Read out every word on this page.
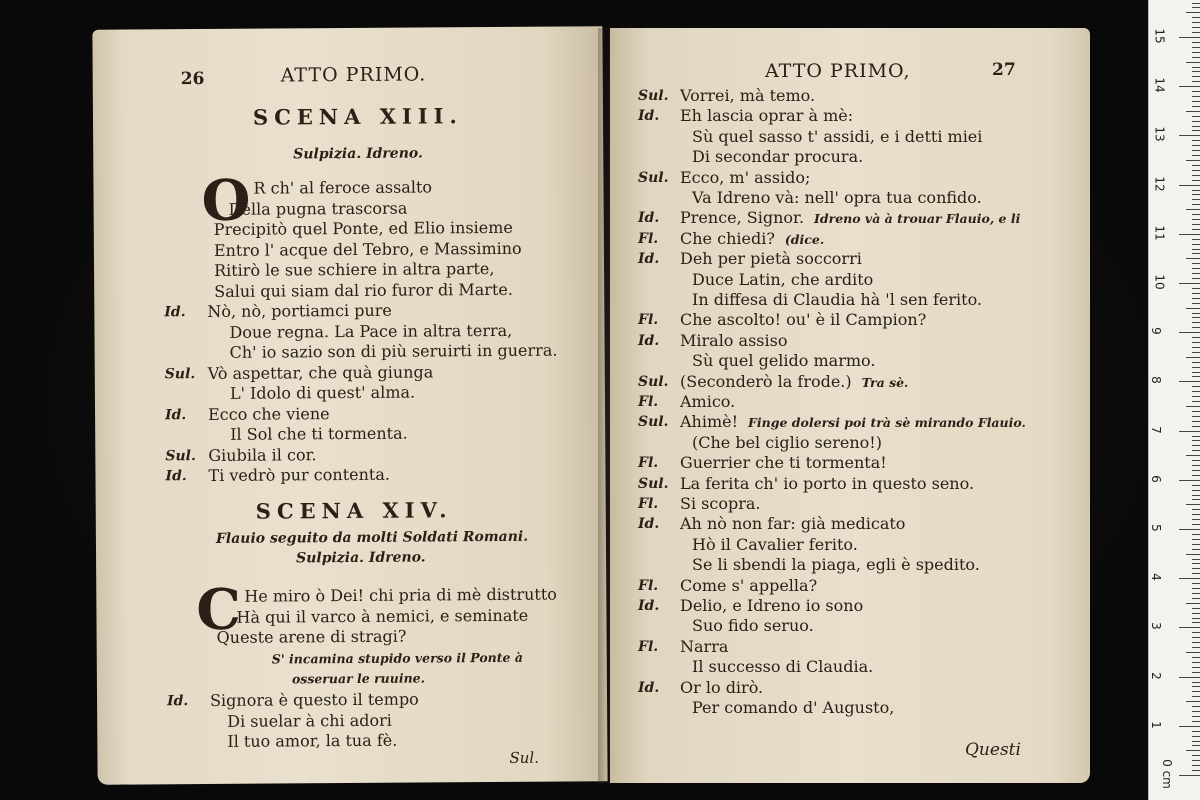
26	ATTO PRIMO.
SCENA XIII.
Sulpizia. Idreno.
O R ch' al feroce assalto
Della pugna trascorsa
Precipitò quel Ponte, ed Elio insieme
Entro l' acque del Tebro, e Massimino
Ritirò le sue schiere in altra parte,
Salui qui siam dal rio furor di Marte.
Id. Nò, nò, portiamci pure
Doue regna. La Pace in altra terra,
Ch' io sazio son di più seruirti in guerra.
Sul. Vò aspettar, che quà giunga
L' Idolo di quest' alma.
Id. Ecco che viene
Il Sol che ti tormenta.
Sul. Giubila il cor.
Id. Ti vedrò pur contenta.
SCENA XIV.
Flauio seguito da molti Soldati Romani.
Sulpizia. Idreno.
C He miro ò Dei! chi pria di mè distrutto
Hà qui il varco à nemici, e seminate
Queste arene di stragi?
S' incamina stupido verso il Ponte à
osseruar le ruuine.
Id. Signora è questo il tempo
Di suelar à chi adori
Il tuo amor, la tua fè.
Sul.
ATTO PRIMO,	27
Sul. Vorrei, mà temo.
Id. Eh lascia oprar à mè:
Sù quel sasso t' assidi, e i detti miei
Di secondar procura.
Sul. Ecco, m' assido;
Va Idreno và: nell' opra tua confido.
Id. Prence, Signor. Idreno và à trouar Flauio, e li
Fl. Che chiedi? (dice.
Id. Deh per pietà soccorri
Duce Latin, che ardito
In diffesa di Claudia hà 'l sen ferito.
Fl. Che ascolto! ou' è il Campion?
Id. Miralo assiso
Sù quel gelido marmo.
Sul. (Seconderò la frode.) Tra sè.
Fl. Amico.
Sul. Ahimè! Finge dolersi poi trà sè mirando Flauio.
(Che bel ciglio sereno!)
Fl. Guerrier che ti tormenta!
Sul. La ferita ch' io porto in questo seno.
Fl. Si scopra.
Id. Ah nò non far: già medicato
Hò il Cavalier ferito.
Se li sbendi la piaga, egli è spedito.
Fl. Come s' appella?
Id. Delio, e Idreno io sono
Suo fido seruo.
Fl. Narra
Il successo di Claudia.
Id. Or lo dirò.
Per comando d' Augusto,
Questi
15
14
13
12
11
10
9
8
7
6
5
4
3
2
1
0 cm
